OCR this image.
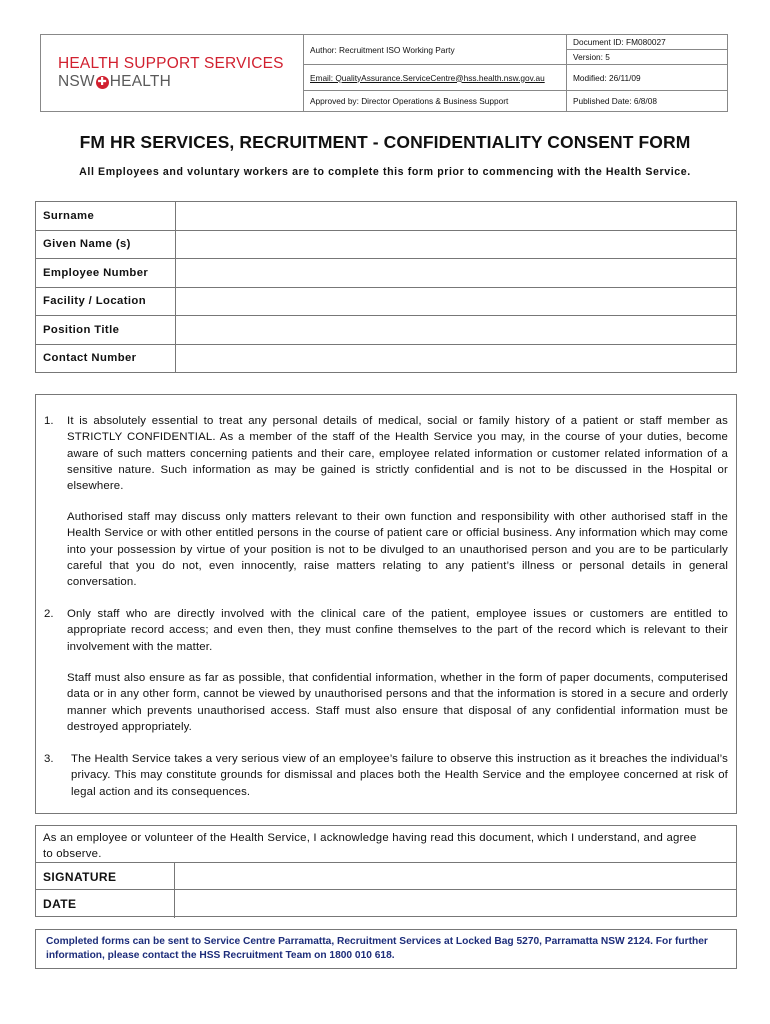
HEALTH SUPPORT SERVICES
NSW ✚ HEALTH
Author: Recruitment ISO Working Party
Email: QualityAssurance.ServiceCentre@hss.health.nsw.gov.au
Approved by: Director Operations & Business Support
Document ID: FM080027
Version: 5
Modified: 26/11/09
Published Date: 6/8/08
FM HR SERVICES, RECRUITMENT - CONFIDENTIALITY CONSENT FORM
All Employees and voluntary workers are to complete this form prior to commencing with the Health Service.
Surname	
Given Name (s)	
Employee Number	
Facility / Location	
Position Title	
Contact Number	
1. It is absolutely essential to treat any personal details of medical, social or family history of a patient or staff member as STRICTLY CONFIDENTIAL. As a member of the staff of the Health Service you may, in the course of your duties, become aware of such matters concerning patients and their care, employee related information or customer related information of a sensitive nature. Such information as may be gained is strictly confidential and is not to be discussed in the Hospital or elsewhere.
Authorised staff may discuss only matters relevant to their own function and responsibility with other authorised staff in the Health Service or with other entitled persons in the course of patient care or official business. Any information which may come into your possession by virtue of your position is not to be divulged to an unauthorised person and you are to be particularly careful that you do not, even innocently, raise matters relating to any patient’s illness or personal details in general conversation.
2. Only staff who are directly involved with the clinical care of the patient, employee issues or customers are entitled to appropriate record access; and even then, they must confine themselves to the part of the record which is relevant to their involvement with the matter.
Staff must also ensure as far as possible, that confidential information, whether in the form of paper documents, computerised data or in any other form, cannot be viewed by unauthorised persons and that the information is stored in a secure and orderly manner which prevents unauthorised access. Staff must also ensure that disposal of any confidential information must be destroyed appropriately.
3. The Health Service takes a very serious view of an employee’s failure to observe this instruction as it breaches the individual’s privacy. This may constitute grounds for dismissal and places both the Health Service and the employee concerned at risk of legal action and its consequences.
As an employee or volunteer of the Health Service, I acknowledge having read this document, which I understand, and agree to observe.
SIGNATURE
DATE
Completed forms can be sent to Service Centre Parramatta, Recruitment Services at Locked Bag 5270, Parramatta NSW 2124. For further information, please contact the HSS Recruitment Team on 1800 010 618.
